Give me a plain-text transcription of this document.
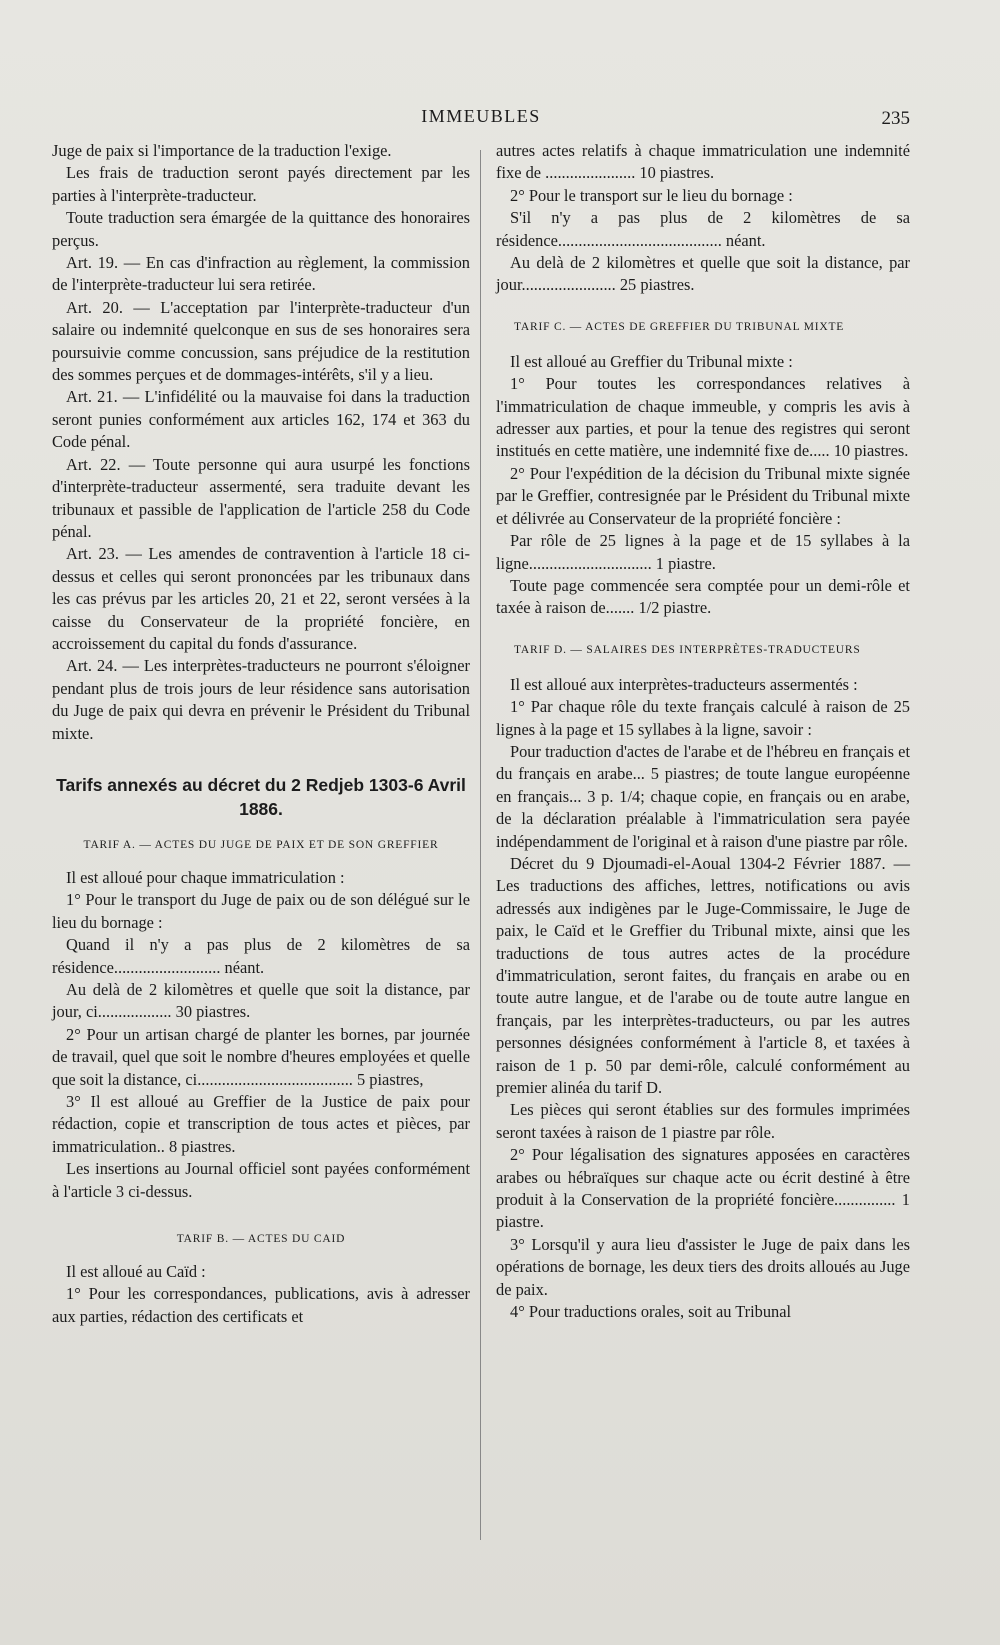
IMMEUBLES	235

Juge de paix si l'importance de la traduction l'exige.

Les frais de traduction seront payés directement par les parties à l'interprète-traducteur.

Toute traduction sera émargée de la quittance des honoraires perçus.

Art. 19. — En cas d'infraction au règlement, la commission de l'interprète-traducteur lui sera retirée.

Art. 20. — L'acceptation par l'interprète-traducteur d'un salaire ou indemnité quelconque en sus de ses honoraires sera poursuivie comme concussion, sans préjudice de la restitution des sommes perçues et de dommages-intérêts, s'il y a lieu.

Art. 21. — L'infidélité ou la mauvaise foi dans la traduction seront punies conformément aux articles 162, 174 et 363 du Code pénal.

Art. 22. — Toute personne qui aura usurpé les fonctions d'interprète-traducteur assermenté, sera traduite devant les tribunaux et passible de l'application de l'article 258 du Code pénal.

Art. 23. — Les amendes de contravention à l'article 18 ci-dessus et celles qui seront prononcées par les tribunaux dans les cas prévus par les articles 20, 21 et 22, seront versées à la caisse du Conservateur de la propriété foncière, en accroissement du capital du fonds d'assurance.

Art. 24. — Les interprètes-traducteurs ne pourront s'éloigner pendant plus de trois jours de leur résidence sans autorisation du Juge de paix qui devra en prévenir le Président du Tribunal mixte.

Tarifs annexés au décret du 2 Redjeb 1303-6 Avril 1886.
TARIF A. — ACTES DU JUGE DE PAIX ET DE SON GREFFIER

Il est alloué pour chaque immatriculation :

1° Pour le transport du Juge de paix ou de son délégué sur le lieu du bornage :

Quand il n'y a pas plus de 2 kilomètres de sa résidence.......................... néant.

Au delà de 2 kilomètres et quelle que soit la distance, par jour, ci.................. 30 piastres.

2° Pour un artisan chargé de planter les bornes, par journée de travail, quel que soit le nombre d'heures employées et quelle que soit la distance, ci...................................... 5 piastres,

3° Il est alloué au Greffier de la Justice de paix pour rédaction, copie et transcription de tous actes et pièces, par immatriculation.. 8 piastres.

Les insertions au Journal officiel sont payées conformément à l'article 3 ci-dessus.

TARIF B. — ACTES DU CAID

Il est alloué au Caïd :

1° Pour les correspondances, publications, avis à adresser aux parties, rédaction des certificats et

autres actes relatifs à chaque immatriculation une indemnité fixe de ...................... 10 piastres.

2° Pour le transport sur le lieu du bornage :

S'il n'y a pas plus de 2 kilomètres de sa résidence........................................ néant.

Au delà de 2 kilomètres et quelle que soit la distance, par jour....................... 25 piastres.

TARIF C. — ACTES DE GREFFIER DU TRIBUNAL MIXTE

Il est alloué au Greffier du Tribunal mixte :

1° Pour toutes les correspondances relatives à l'immatriculation de chaque immeuble, y compris les avis à adresser aux parties, et pour la tenue des registres qui seront institués en cette matière, une indemnité fixe de..... 10 piastres.

2° Pour l'expédition de la décision du Tribunal mixte signée par le Greffier, contresignée par le Président du Tribunal mixte et délivrée au Conservateur de la propriété foncière :

Par rôle de 25 lignes à la page et de 15 syllabes à la ligne.............................. 1 piastre.

Toute page commencée sera comptée pour un demi-rôle et taxée à raison de....... 1/2 piastre.

TARIF D. — SALAIRES DES INTERPRÈTES-TRADUCTEURS

Il est alloué aux interprètes-traducteurs assermentés :

1° Par chaque rôle du texte français calculé à raison de 25 lignes à la page et 15 syllabes à la ligne, savoir :

Pour traduction d'actes de l'arabe et de l'hébreu en français et du français en arabe... 5 piastres; de toute langue européenne en français... 3 p. 1/4; chaque copie, en français ou en arabe, de la déclaration préalable à l'immatriculation sera payée indépendamment de l'original et à raison d'une piastre par rôle.

Décret du 9 Djoumadi-el-Aoual 1304-2 Février 1887. — Les traductions des affiches, lettres, notifications ou avis adressés aux indigènes par le Juge-Commissaire, le Juge de paix, le Caïd et le Greffier du Tribunal mixte, ainsi que les traductions de tous autres actes de la procédure d'immatriculation, seront faites, du français en arabe ou en toute autre langue, et de l'arabe ou de toute autre langue en français, par les interprètes-traducteurs, ou par les autres personnes désignées conformément à l'article 8, et taxées à raison de 1 p. 50 par demi-rôle, calculé conformément au premier alinéa du tarif D.

Les pièces qui seront établies sur des formules imprimées seront taxées à raison de 1 piastre par rôle.

2° Pour légalisation des signatures apposées en caractères arabes ou hébraïques sur chaque acte ou écrit destiné à être produit à la Conservation de la propriété foncière............... 1 piastre.

3° Lorsqu'il y aura lieu d'assister le Juge de paix dans les opérations de bornage, les deux tiers des droits alloués au Juge de paix.

4° Pour traductions orales, soit au Tribunal
